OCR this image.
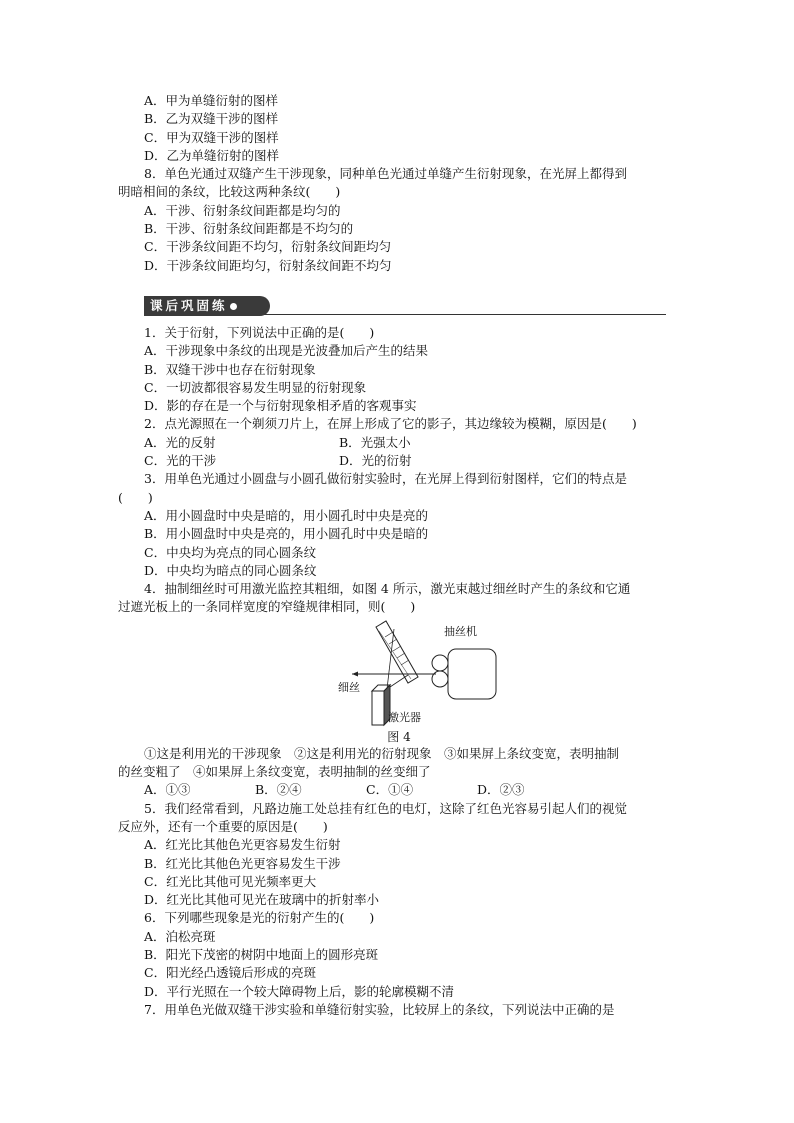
A．甲为单缝衍射的图样
B．乙为双缝干涉的图样
C．甲为双缝干涉的图样
D．乙为单缝衍射的图样
8．单色光通过双缝产生干涉现象，同种单色光通过单缝产生衍射现象，在光屏上都得到
明暗相间的条纹，比较这两种条纹(　　)
A．干涉、衍射条纹间距都是均匀的
B．干涉、衍射条纹间距都是不均匀的
C．干涉条纹间距不均匀，衍射条纹间距均匀
D．干涉条纹间距均匀，衍射条纹间距不均匀
课后巩固练
1．关于衍射，下列说法中正确的是(　　)
A．干涉现象中条纹的出现是光波叠加后产生的结果
B．双缝干涉中也存在衍射现象
C．一切波都很容易发生明显的衍射现象
D．影的存在是一个与衍射现象相矛盾的客观事实
2．点光源照在一个剃须刀片上，在屏上形成了它的影子，其边缘较为模糊，原因是(　　)
A．光的反射	B．光强太小
C．光的干涉	D．光的衍射
3．用单色光通过小圆盘与小圆孔做衍射实验时，在光屏上得到衍射图样，它们的特点是
(　　)
A．用小圆盘时中央是暗的，用小圆孔时中央是亮的
B．用小圆盘时中央是亮的，用小圆孔时中央是暗的
C．中央均为亮点的同心圆条纹
D．中央均为暗点的同心圆条纹
4．抽制细丝时可用激光监控其粗细，如图 4 所示，激光束越过细丝时产生的条纹和它通
过遮光板上的一条同样宽度的窄缝规律相同，则(　　)
抽丝机
细丝
激光器
图 4
①这是利用光的干涉现象　②这是利用光的衍射现象　③如果屏上条纹变宽，表明抽制
的丝变粗了　④如果屏上条纹变宽，表明抽制的丝变细了
A．①③	B．②④	C．①④	D．②③
5．我们经常看到，凡路边施工处总挂有红色的电灯，这除了红色光容易引起人们的视觉
反应外，还有一个重要的原因是(　　)
A．红光比其他色光更容易发生衍射
B．红光比其他色光更容易发生干涉
C．红光比其他可见光频率更大
D．红光比其他可见光在玻璃中的折射率小
6．下列哪些现象是光的衍射产生的(　　)
A．泊松亮斑
B．阳光下茂密的树阴中地面上的圆形亮斑
C．阳光经凸透镜后形成的亮斑
D．平行光照在一个较大障碍物上后，影的轮廓模糊不清
7．用单色光做双缝干涉实验和单缝衍射实验，比较屏上的条纹，下列说法中正确的是
